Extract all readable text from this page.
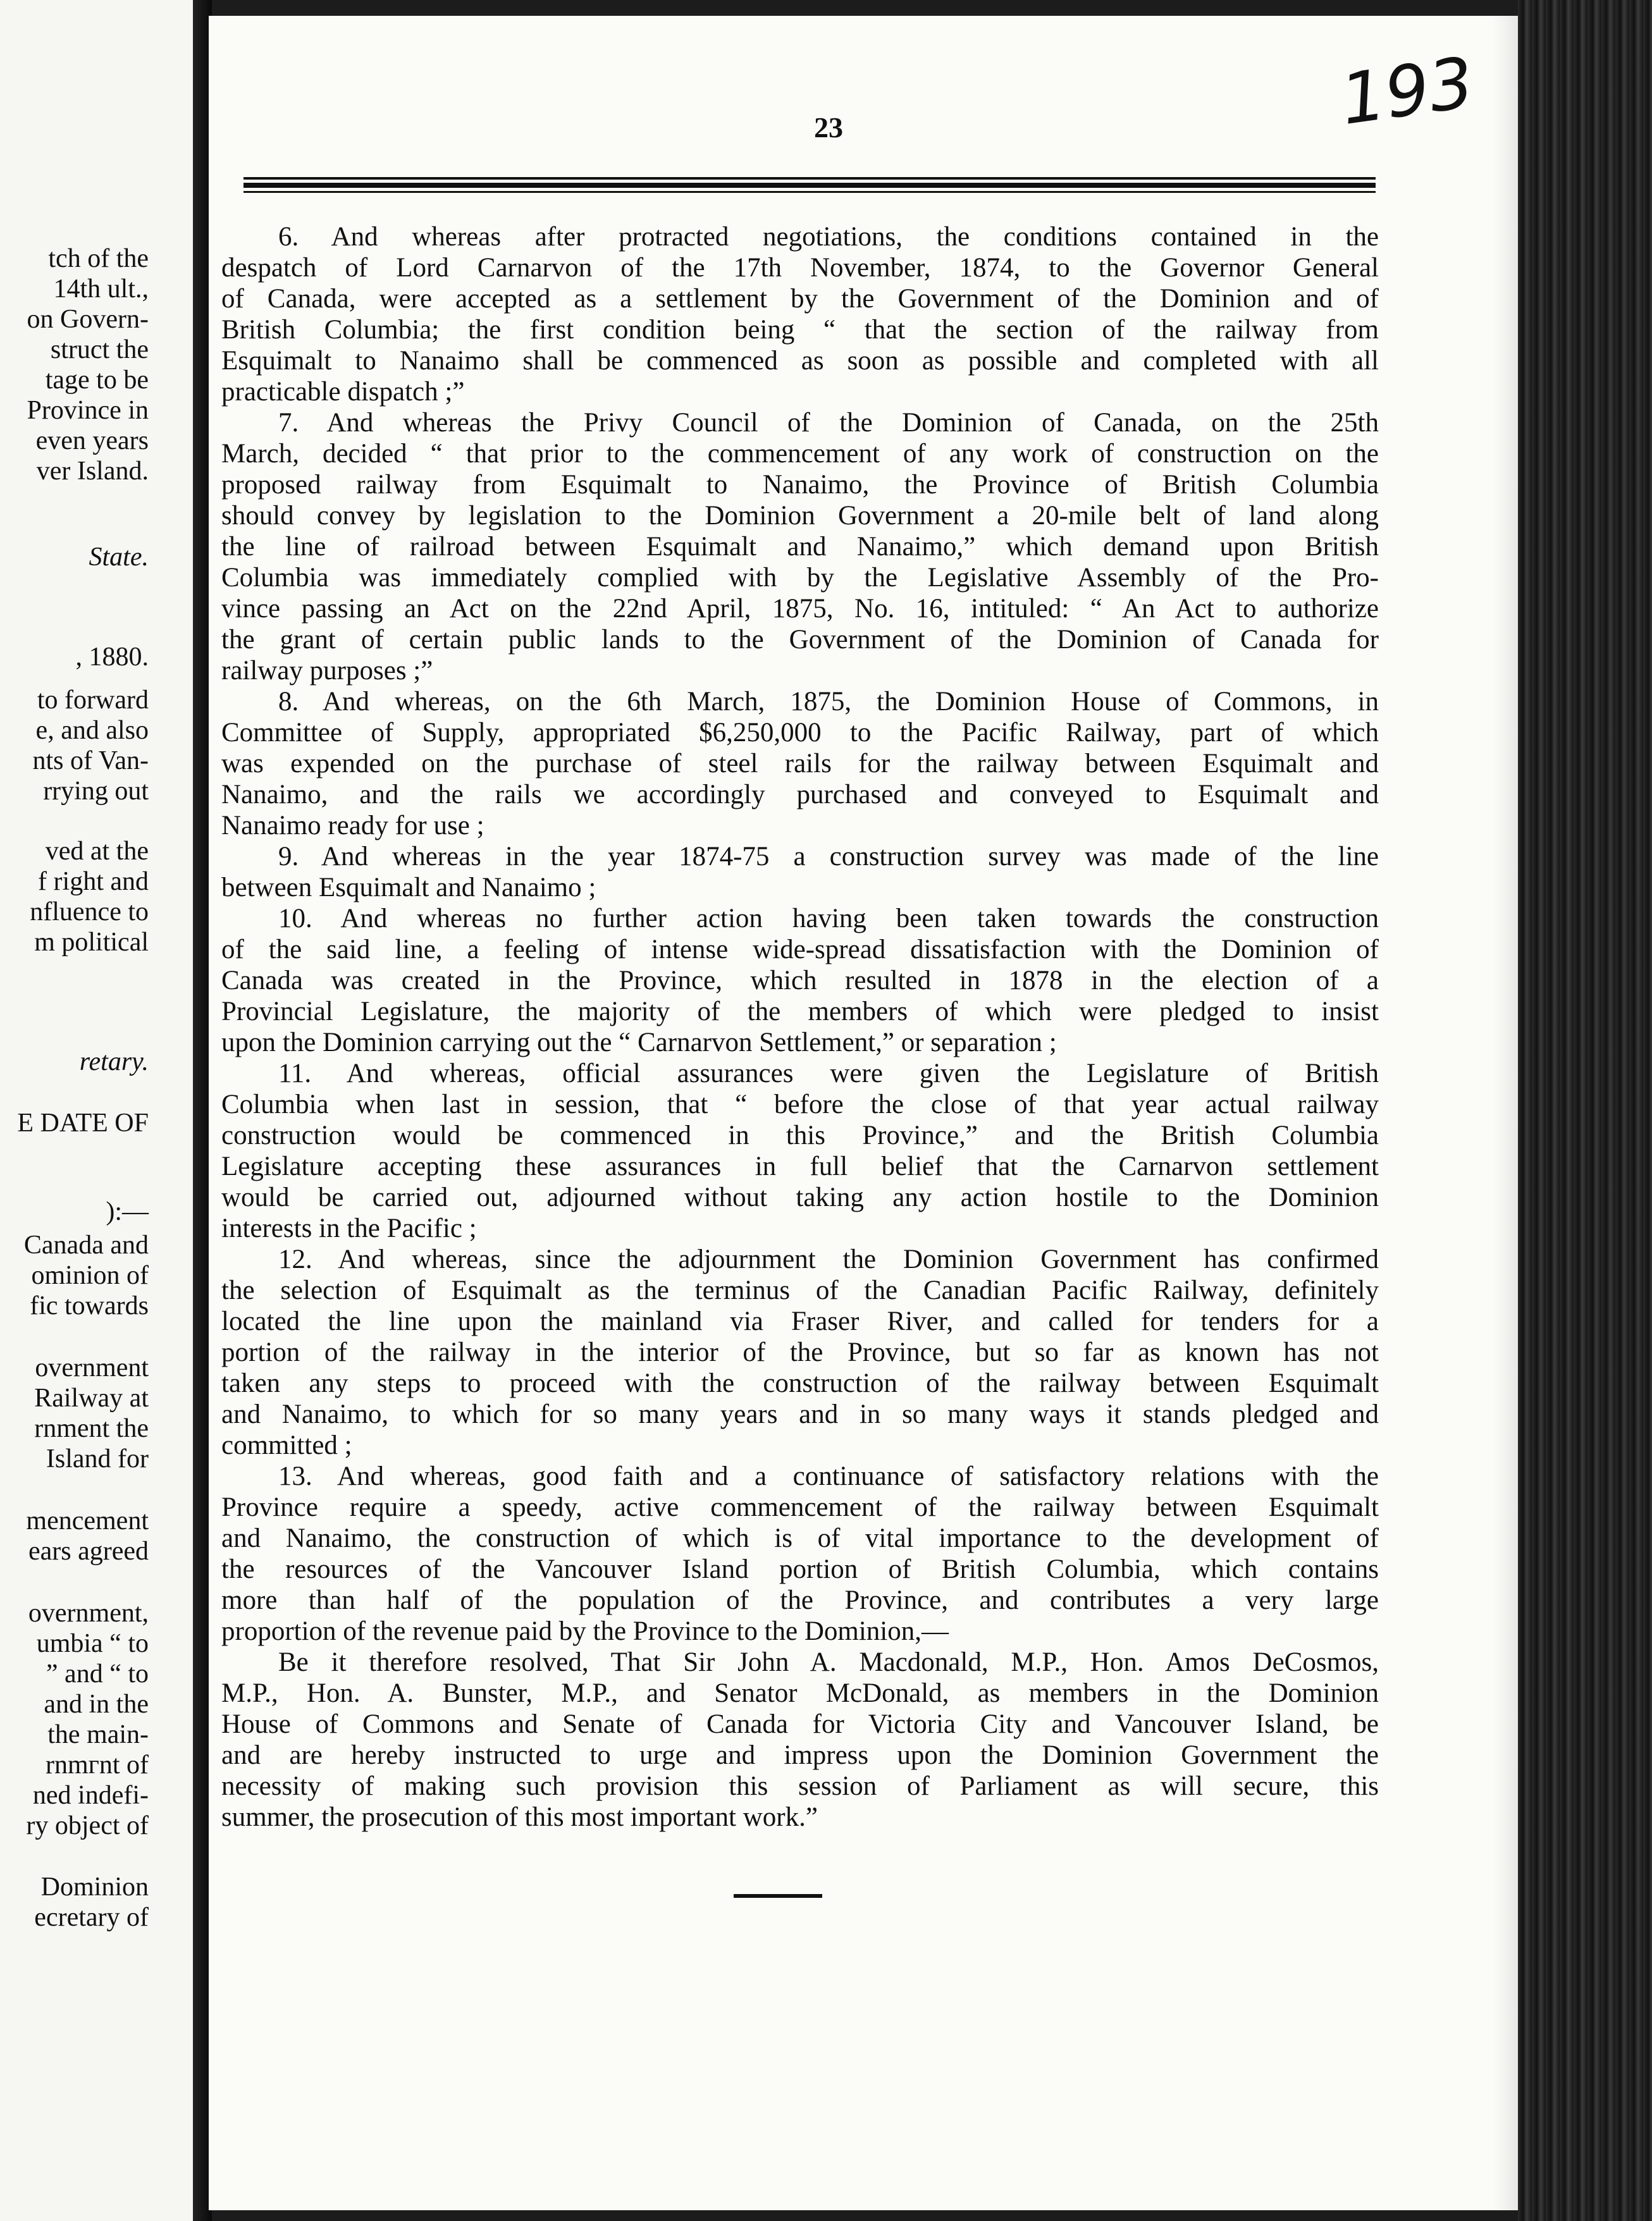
tch of the
14th ult.,
on Govern-
struct the
tage to be
Province in
even years
ver Island.
State.
, 1880.
to forward
e, and also
nts of Van-
rrying out
ved at the
f right and
nfluence to
m political
retary.
E DATE OF
):—
Canada and
ominion of
fic towards
overnment
Railway at
rnment the
Island for
mencement
ears agreed
overnment,
umbia “ to
” and “ to
and in the
the main-
rnmгnt of
ned indefi-
ry object of
Dominion
ecretary of
23	193
6. And whereas after protracted negotiations, the conditions contained in the
despatch of Lord Carnarvon of the 17th November, 1874, to the Governor General
of Canada, were accepted as a settlement by the Government of the Dominion and of
British Columbia; the first condition being “ that the section of the railway from
Esquimalt to Nanaimo shall be commenced as soon as possible and completed with all
practicable dispatch ;”
7. And whereas the Privy Council of the Dominion of Canada, on the 25th
March, decided “ that prior to the commencement of any work of construction on the
proposed railway from Esquimalt to Nanaimo, the Province of British Columbia
should convey by legislation to the Dominion Government a 20-mile belt of land along
the line of railroad between Esquimalt and Nanaimo,” which demand upon British
Columbia was immediately complied with by the Legislative Assembly of the Pro-
vince passing an Act on the 22nd April, 1875, No. 16, intituled: “ An Act to authorize
the grant of certain public lands to the Government of the Dominion of Canada for
railway purposes ;”
8. And whereas, on the 6th March, 1875, the Dominion House of Commons, in
Committee of Supply, appropriated $6,250,000 to the Pacific Railway, part of which
was expended on the purchase of steel rails for the railway between Esquimalt and
Nanaimo, and the rails we accordingly purchased and conveyed to Esquimalt and
Nanaimo ready for use ;
9. And whereas in the year 1874-75 a construction survey was made of the line
between Esquimalt and Nanaimo ;
10. And whereas no further action having been taken towards the construction
of the said line, a feeling of intense wide-spread dissatisfaction with the Dominion of
Canada was created in the Province, which resulted in 1878 in the election of a
Provincial Legislature, the majority of the members of which were pledged to insist
upon the Dominion carrying out the “ Carnarvon Settlement,” or separation ;
11. And whereas, official assurances were given the Legislature of British
Columbia when last in session, that “ before the close of that year actual railway
construction would be commenced in this Province,” and the British Columbia
Legislature accepting these assurances in full belief that the Carnarvon settlement
would be carried out, adjourned without taking any action hostile to the Dominion
interests in the Pacific ;
12. And whereas, since the adjournment the Dominion Government has confirmed
the selection of Esquimalt as the terminus of the Canadian Pacific Railway, definitely
located the line upon the mainland via Fraser River, and called for tenders for a
portion of the railway in the interior of the Province, but so far as known has not
taken any steps to proceed with the construction of the railway between Esquimalt
and Nanaimo, to which for so many years and in so many ways it stands pledged and
committed ;
13. And whereas, good faith and a continuance of satisfactory relations with the
Province require a speedy, active commencement of the railway between Esquimalt
and Nanaimo, the construction of which is of vital importance to the development of
the resources of the Vancouver Island portion of British Columbia, which contains
more than half of the population of the Province, and contributes a very large
proportion of the revenue paid by the Province to the Dominion,—
Be it therefore resolved, That Sir John A. Macdonald, M.P., Hon. Amos DeCosmos,
M.P., Hon. A. Bunster, M.P., and Senator McDonald, as members in the Dominion
House of Commons and Senate of Canada for Victoria City and Vancouver Island, be
and are hereby instructed to urge and impress upon the Dominion Government the
necessity of making such provision this session of Parliament as will secure, this
summer, the prosecution of this most important work.”
